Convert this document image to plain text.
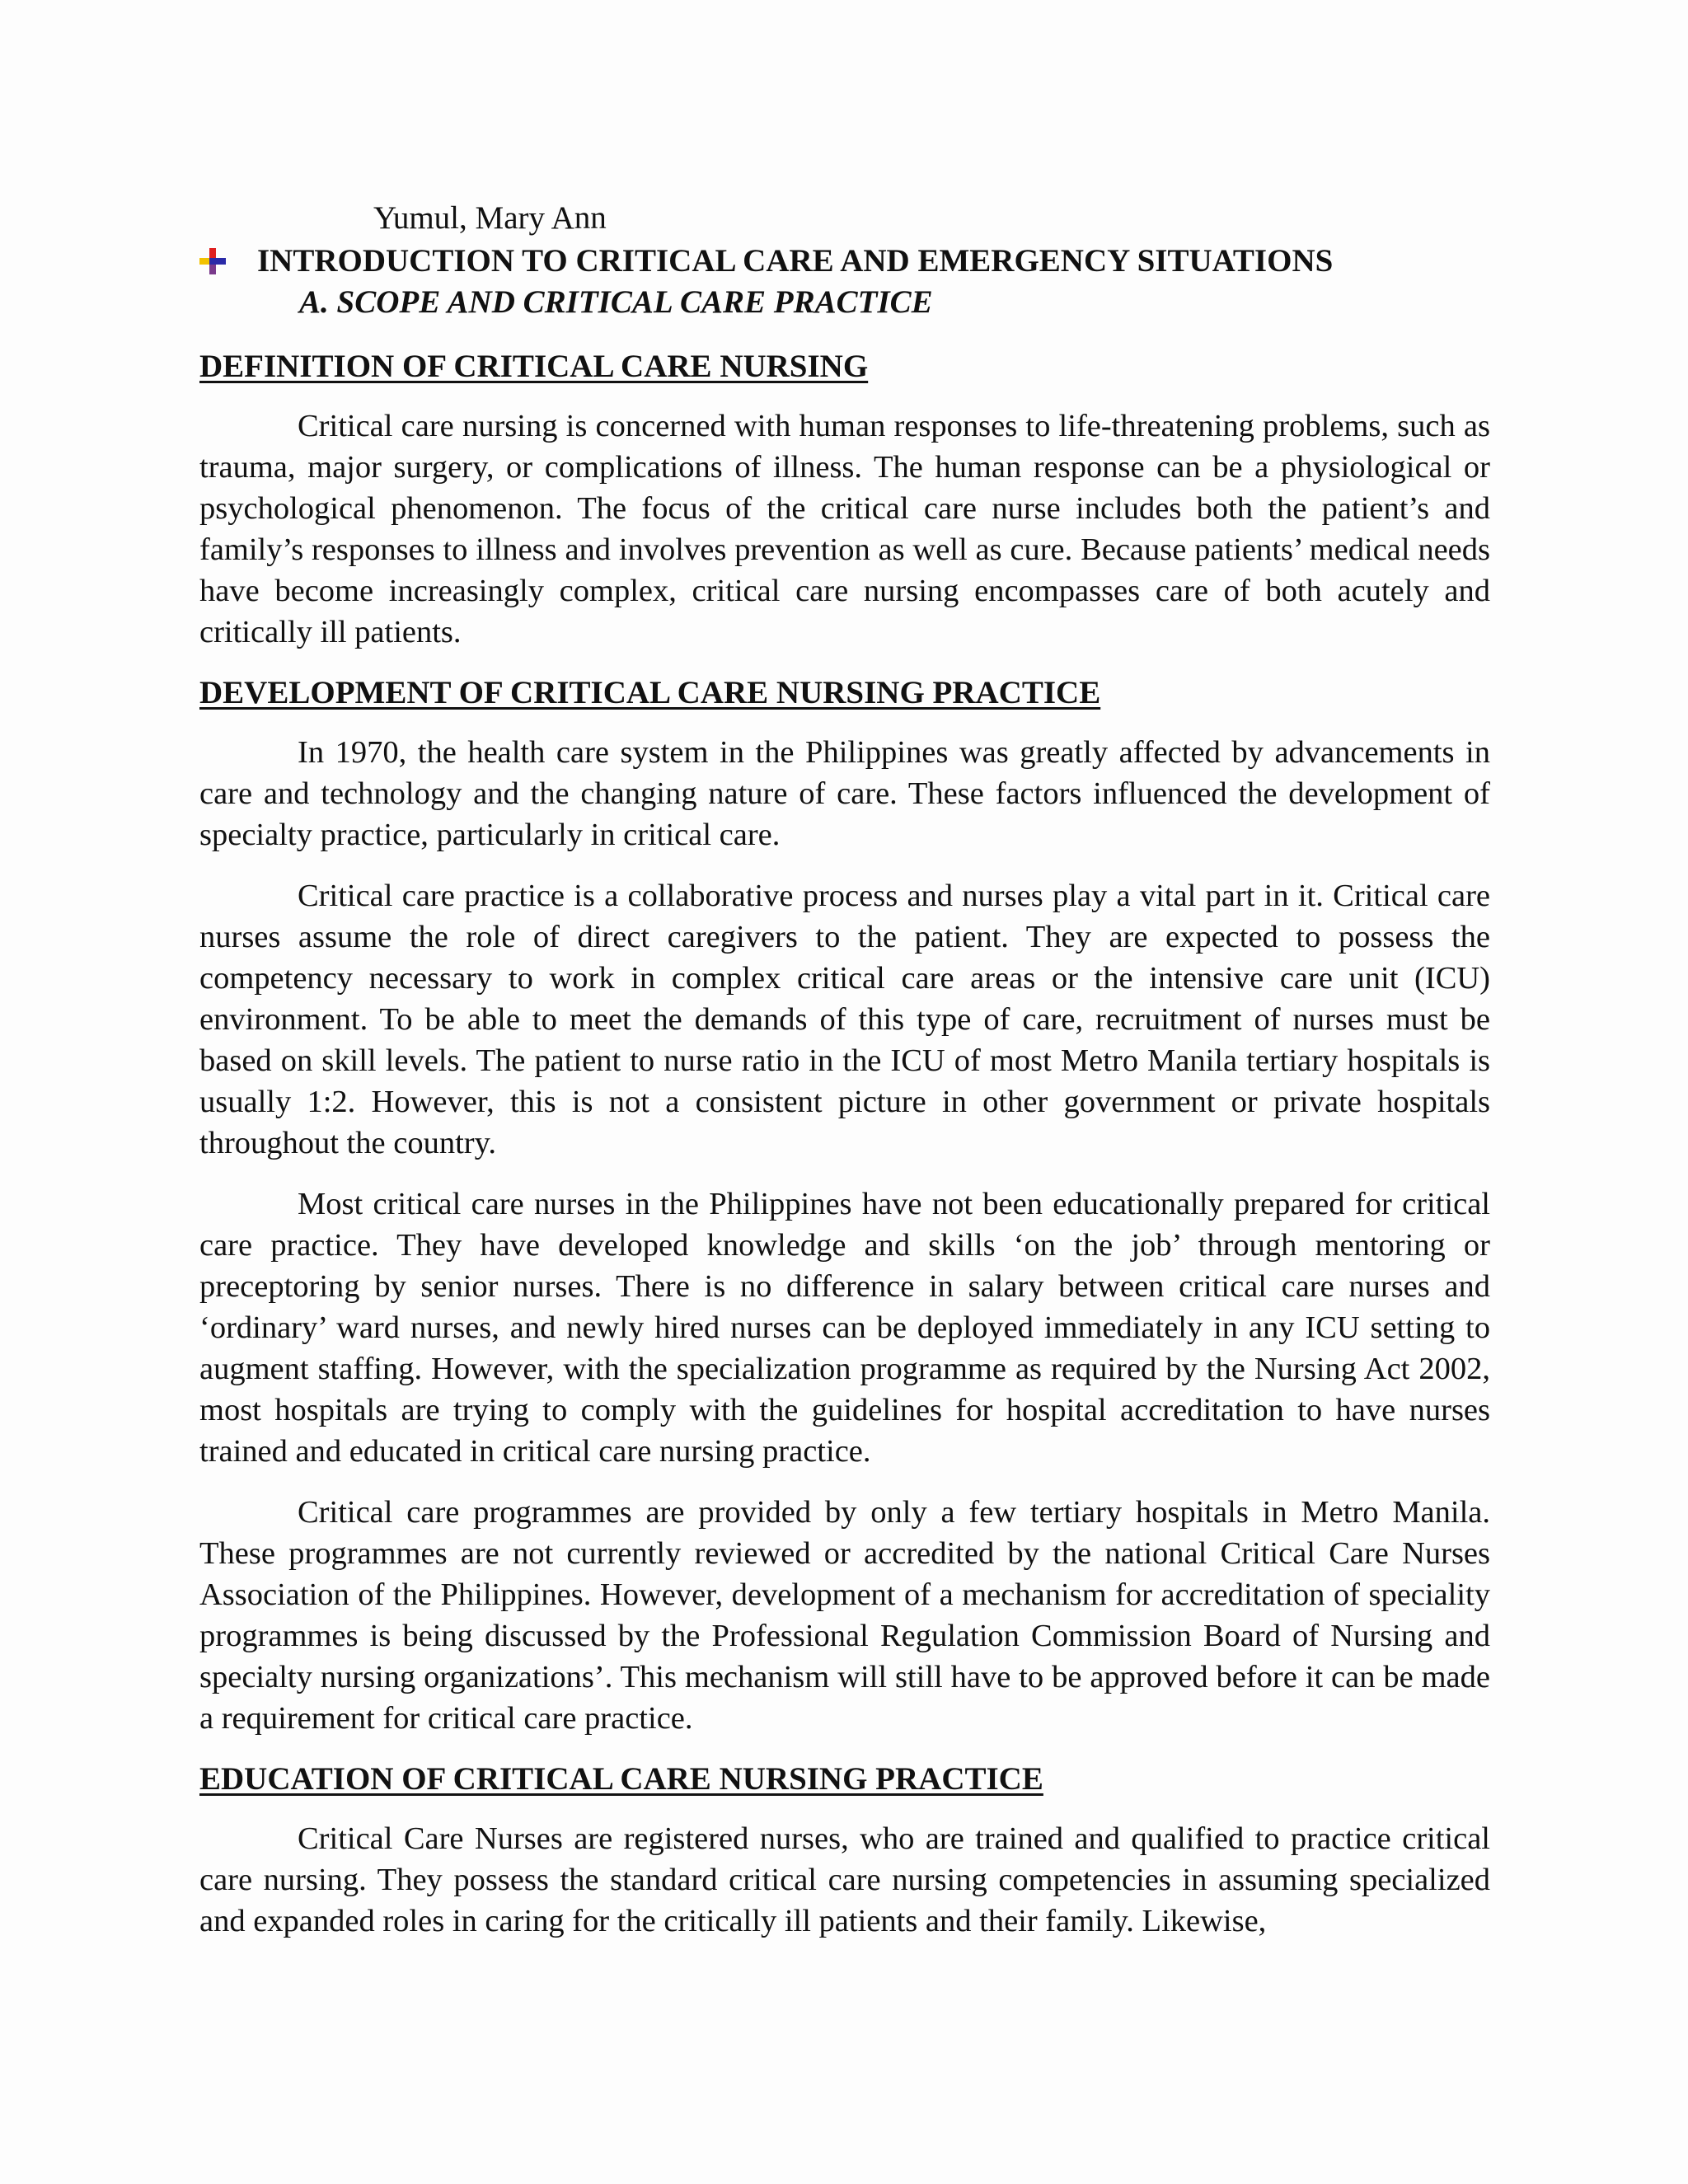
Yumul, Mary Ann
INTRODUCTION TO CRITICAL CARE AND EMERGENCY SITUATIONS
A. SCOPE AND CRITICAL CARE PRACTICE
DEFINITION OF CRITICAL CARE NURSING

Critical care nursing is concerned with human responses to life-threatening problems, such as trauma, major surgery, or complications of illness. The human response can be a physiological or psychological phenomenon. The focus of the critical care nurse includes both the patient’s and family’s responses to illness and involves prevention as well as cure. Because patients’ medical needs have become increasingly complex, critical care nursing encompasses care of both acutely and critically ill patients.

DEVELOPMENT OF CRITICAL CARE NURSING PRACTICE

In 1970, the health care system in the Philippines was greatly affected by advancements in care and technology and the changing nature of care. These factors influenced the development of specialty practice, particularly in critical care.

Critical care practice is a collaborative process and nurses play a vital part in it. Critical care nurses assume the role of direct caregivers to the patient. They are expected to possess the competency necessary to work in complex critical care areas or the intensive care unit (ICU) environment. To be able to meet the demands of this type of care, recruitment of nurses must be based on skill levels. The patient to nurse ratio in the ICU of most Metro Manila tertiary hospitals is usually 1:2. However, this is not a consistent picture in other government or private hospitals throughout the country.

Most critical care nurses in the Philippines have not been educationally prepared for critical care practice. They have developed knowledge and skills ‘on the job’ through mentoring or preceptoring by senior nurses. There is no difference in salary between critical care nurses and ‘ordinary’ ward nurses, and newly hired nurses can be deployed immediately in any ICU setting to augment staffing. However, with the specialization programme as required by the Nursing Act 2002, most hospitals are trying to comply with the guidelines for hospital accreditation to have nurses trained and educated in critical care nursing practice.

Critical care programmes are provided by only a few tertiary hospitals in Metro Manila. These programmes are not currently reviewed or accredited by the national Critical Care Nurses Association of the Philippines. However, development of a mechanism for accreditation of speciality programmes is being discussed by the Professional Regulation Commission Board of Nursing and specialty nursing organizations’. This mechanism will still have to be approved before it can be made a requirement for critical care practice.

EDUCATION OF CRITICAL CARE NURSING PRACTICE

Critical Care Nurses are registered nurses, who are trained and qualified to practice critical care nursing. They possess the standard critical care nursing competencies in assuming specialized and expanded roles in caring for the critically ill patients and their family. Likewise,
